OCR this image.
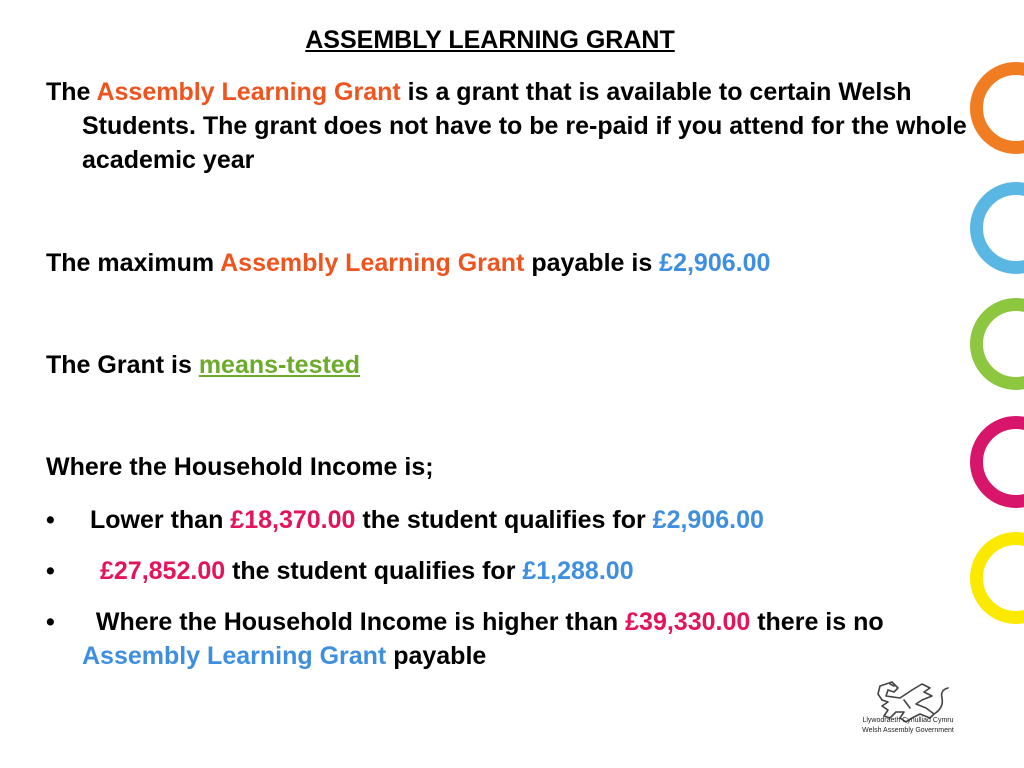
ASSEMBLY LEARNING GRANT

The Assembly Learning Grant is a grant that is available to certain Welsh Students. The grant does not have to be re-paid if you attend for the whole academic year

The maximum Assembly Learning Grant payable is £2,906.00

The Grant is means-tested

Where the Household Income is;

• Lower than £18,370.00 the student qualifies for £2,906.00
• £27,852.00 the student qualifies for £1,288.00
•	Where the Household Income is higher than £39,330.00 there is no Assembly Learning Grant payable
Llywodraeth Cynulliad Cymru
Welsh Assembly Government
